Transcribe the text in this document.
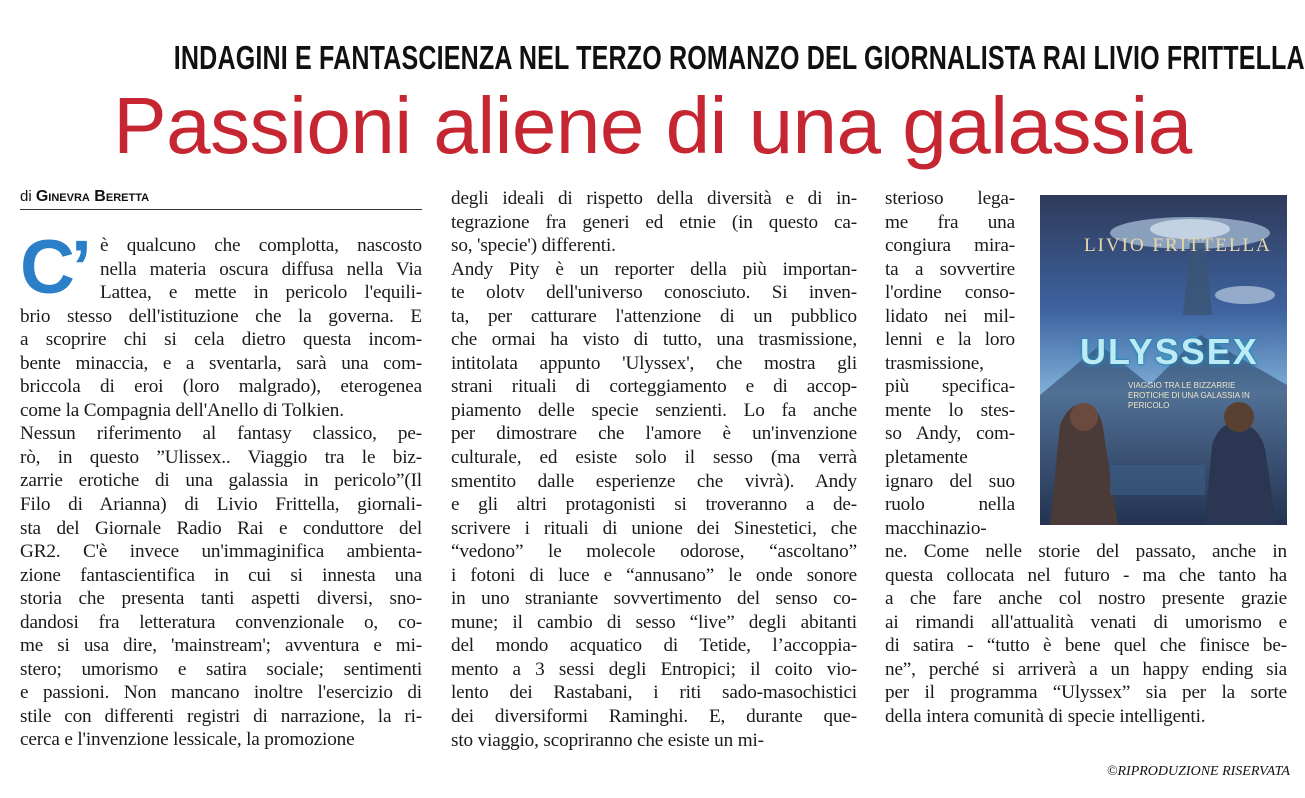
INDAGINI E FANTASCIENZA NEL TERZO ROMANZO DEL GIORNALISTA RAI LIVIO FRITTELLA
Passioni aliene di una galassia
di Ginevra Beretta
C’ è qualcuno che complotta, nascosto
nella materia oscura diffusa nella Via
Lattea, e mette in pericolo l'equili-
brio stesso dell'istituzione che la governa. E
a scoprire chi si cela dietro questa incom-
bente minaccia, e a sventarla, sarà una com-
briccola di eroi (loro malgrado), eterogenea
come la Compagnia dell'Anello di Tolkien.
Nessun riferimento al fantasy classico, pe-
rò, in questo ”Ulissex.. Viaggio tra le biz-
zarrie erotiche di una galassia in pericolo”(Il
Filo di Arianna) di Livio Frittella, giornali-
sta del Giornale Radio Rai e conduttore del
GR2. C'è invece un'immaginifica ambienta-
zione fantascientifica in cui si innesta una
storia che presenta tanti aspetti diversi, sno-
dandosi fra letteratura convenzionale o, co-
me si usa dire, 'mainstream'; avventura e mi-
stero; umorismo e satira sociale; sentimenti
e passioni. Non mancano inoltre l'esercizio di
stile con differenti registri di narrazione, la ri-
cerca e l'invenzione lessicale, la promozione
degli ideali di rispetto della diversità e di in-
tegrazione fra generi ed etnie (in questo ca-
so, 'specie') differenti.
Andy Pity è un reporter della più importan-
te olotv dell'universo conosciuto. Si inven-
ta, per catturare l'attenzione di un pubblico
che ormai ha visto di tutto, una trasmissione,
intitolata appunto 'Ulyssex', che mostra gli
strani rituali di corteggiamento e di accop-
piamento delle specie senzienti. Lo fa anche
per dimostrare che l'amore è un'invenzione
culturale, ed esiste solo il sesso (ma verrà
smentito dalle esperienze che vivrà). Andy
e gli altri protagonisti si troveranno a de-
scrivere i rituali di unione dei Sinestetici, che
“vedono” le molecole odorose, “ascoltano”
i fotoni di luce e “annusano” le onde sonore
in uno straniante sovvertimento del senso co-
mune; il cambio di sesso “live” degli abitanti
del mondo acquatico di Tetide, l’accoppia-
mento a 3 sessi degli Entropici; il coito vio-
lento dei Rastabani, i riti sado-masochistici
dei diversiformi Raminghi. E, durante que-
sto viaggio, scopriranno che esiste un mi-
sterioso lega-
me fra una
congiura mira-
ta a sovvertire
l'ordine conso-
lidato nei mil-
lenni e la loro
trasmissione,
più specifica-
mente lo stes-
so Andy, com-
pletamente
ignaro del suo
ruolo nella
macchinazio-
ne. Come nelle storie del passato, anche in
questa collocata nel futuro - ma che tanto ha
a che fare anche col nostro presente grazie
ai rimandi all'attualità venati di umorismo e
di satira - “tutto è bene quel che finisce be-
ne”, perché si arriverà a un happy ending sia
per il programma “Ulyssex” sia per la sorte
della intera comunità di specie intelligenti.
LIVIO FRITTELLA
ULYSSEX
VIAGGIO TRA LE BIZZARRIE EROTICHE DI UNA GALASSIA IN PERICOLO
©RIPRODUZIONE RISERVATA
